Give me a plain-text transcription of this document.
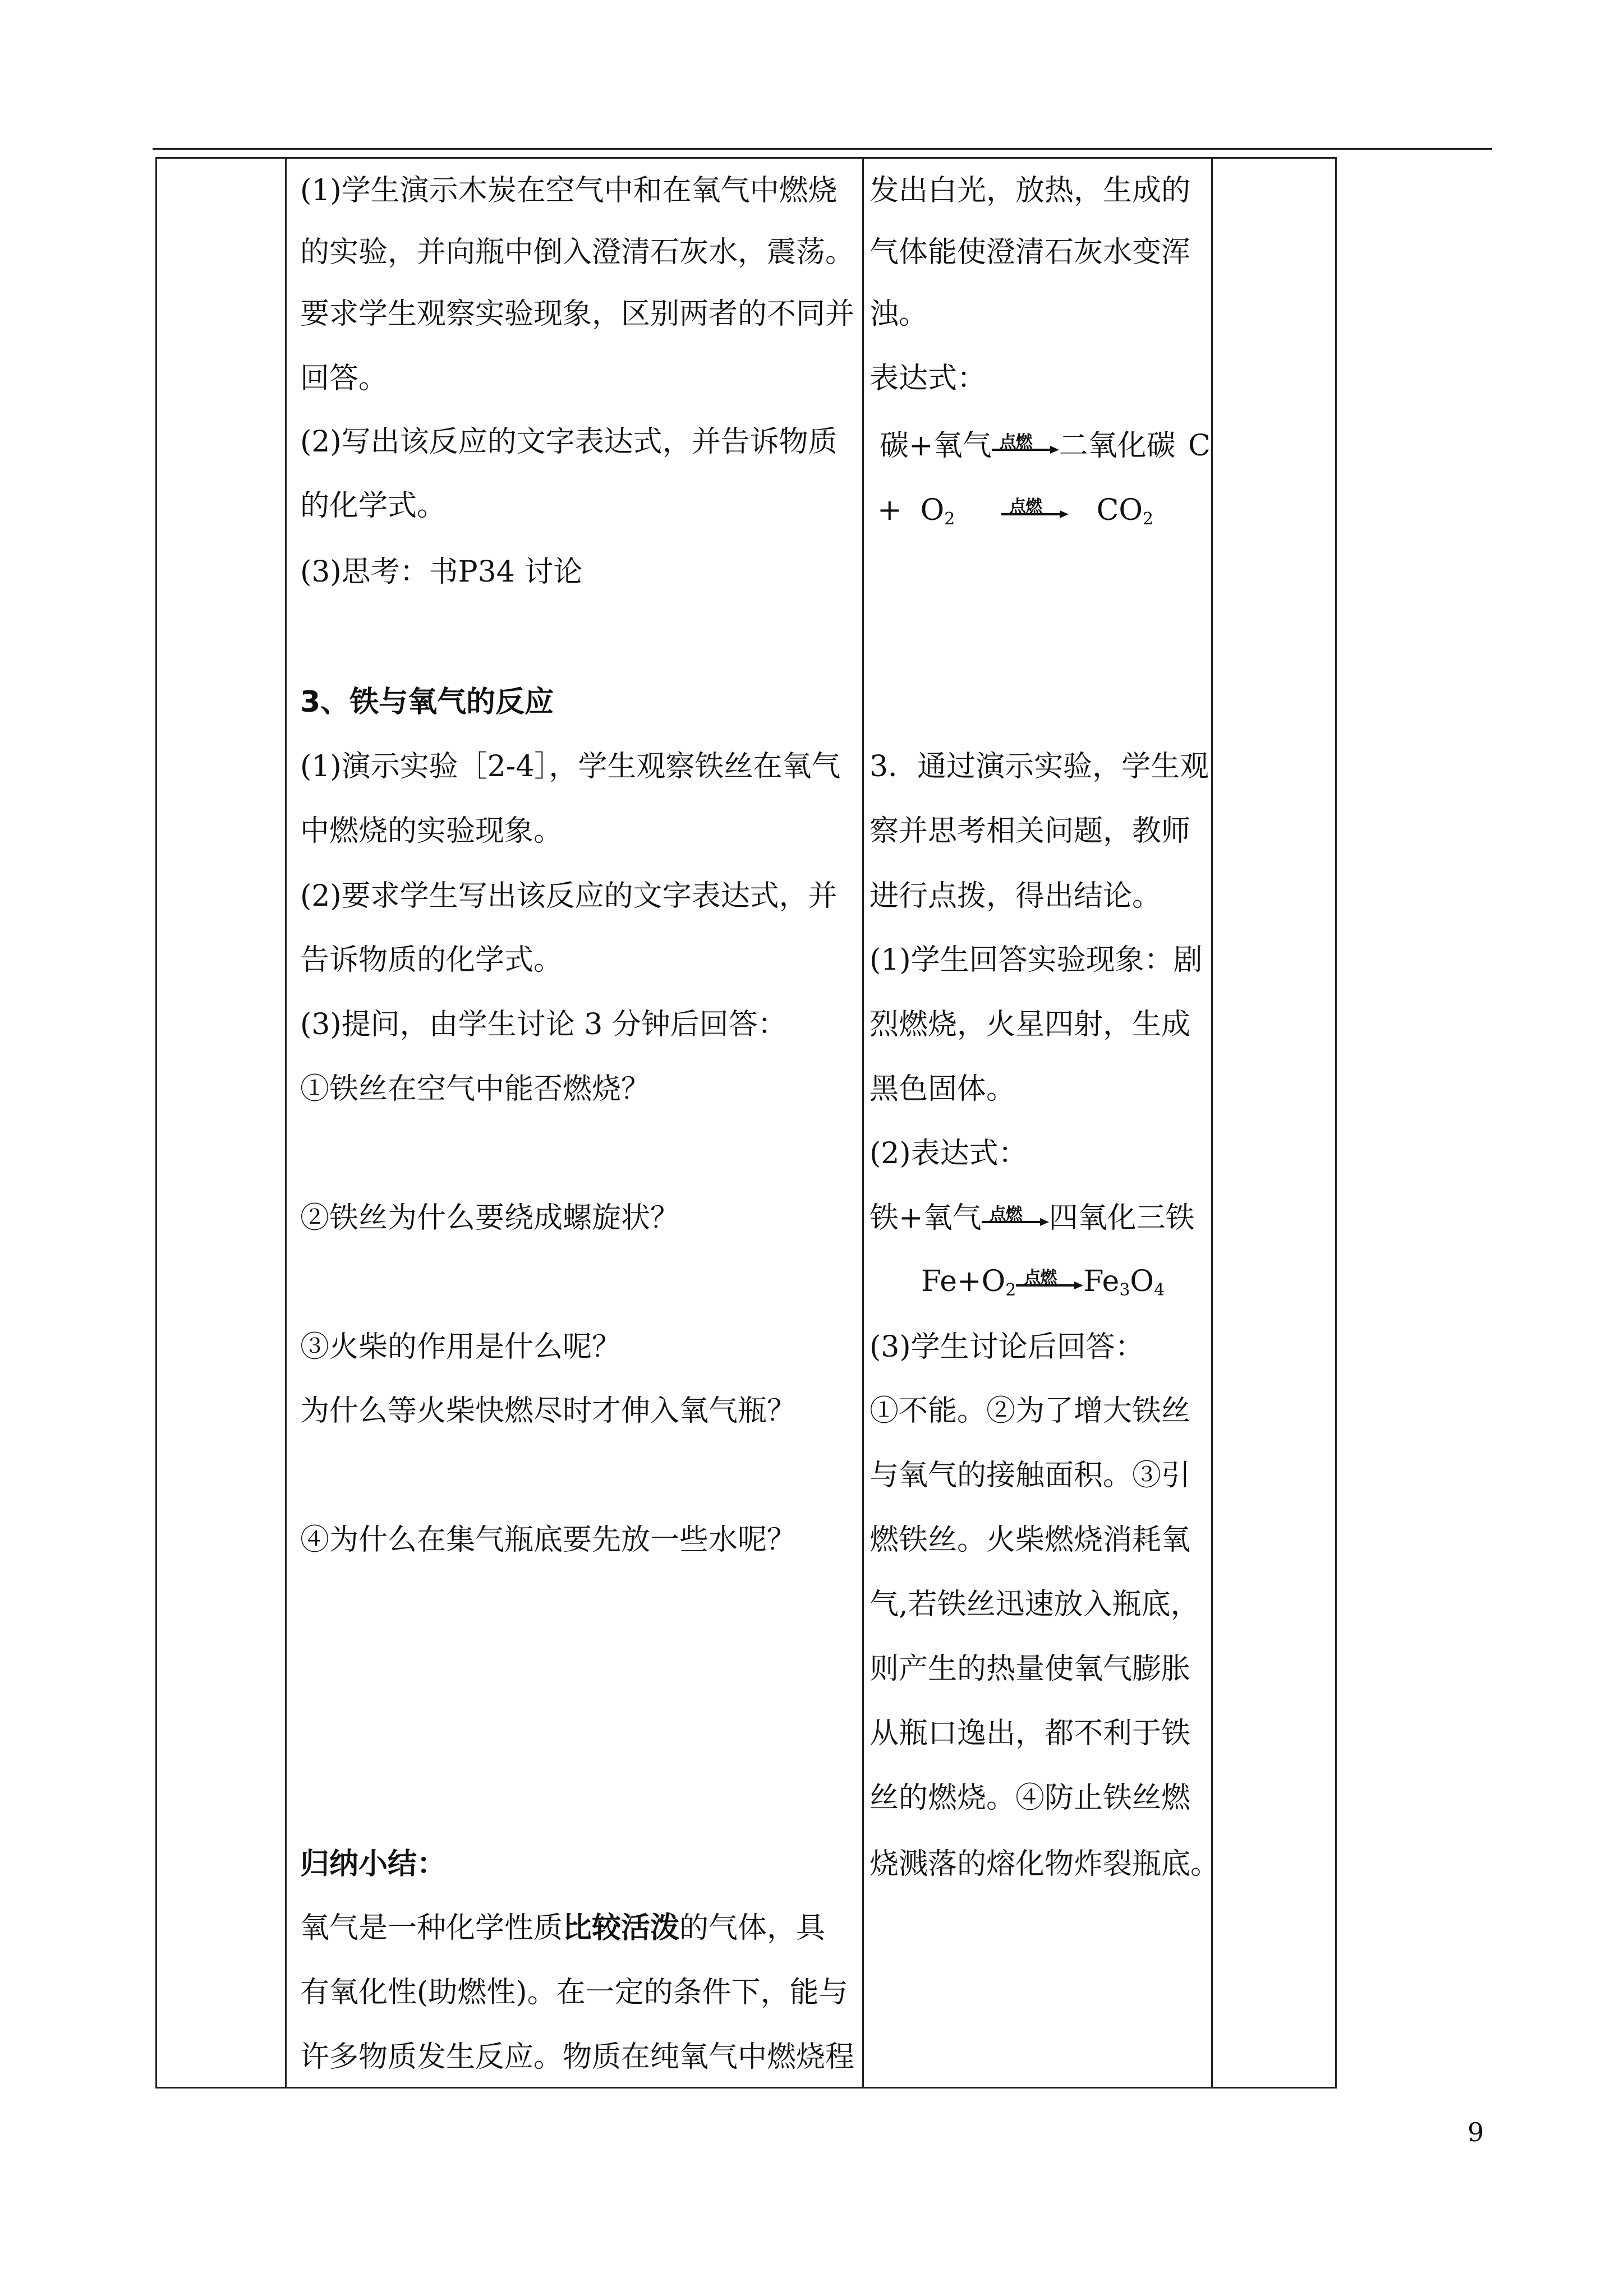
(1)学生演示木炭在空气中和在氧气中燃烧
的实验，并向瓶中倒入澄清石灰水，震荡。
要求学生观察实验现象，区别两者的不同并
回答。
(2)写出该反应的文字表达式，并告诉物质
的化学式。
(3)思考：书P34 讨论
3、铁与氧气的反应
(1)演示实验［2-4］，学生观察铁丝在氧气
中燃烧的实验现象。
(2)要求学生写出该反应的文字表达式，并
告诉物质的化学式。
(3)提问，由学生讨论 3 分钟后回答：
①铁丝在空气中能否燃烧？
②铁丝为什么要绕成螺旋状？
③火柴的作用是什么呢？
为什么等火柴快燃尽时才伸入氧气瓶？
④为什么在集气瓶底要先放一些水呢？
归纳小结：
氧气是一种化学性质比较活泼的气体，具
有氧化性(助燃性)。在一定的条件下，能与
许多物质发生反应。物质在纯氧气中燃烧程
发出白光，放热，生成的
气体能使澄清石灰水变浑
浊。
表达式：
碳+氧气 点燃 二氧化碳 C
+ $O_2$
点燃 $CO_2$
3．通过演示实验，学生观
察并思考相关问题，教师
进行点拨，得出结论。
(1)学生回答实验现象：剧
烈燃烧，火星四射，生成
黑色固体。
(2)表达式：
铁+氧气 点燃 四氧化三铁
$Fe+O_2$
点燃 $Fe_3O_4$
(3)学生讨论后回答：
①不能。②为了增大铁丝
与氧气的接触面积。③引
燃铁丝。火柴燃烧消耗氧
气,若铁丝迅速放入瓶底，
则产生的热量使氧气膨胀
从瓶口逸出，都不利于铁
丝的燃烧。④防止铁丝燃
烧溅落的熔化物炸裂瓶底。
9
